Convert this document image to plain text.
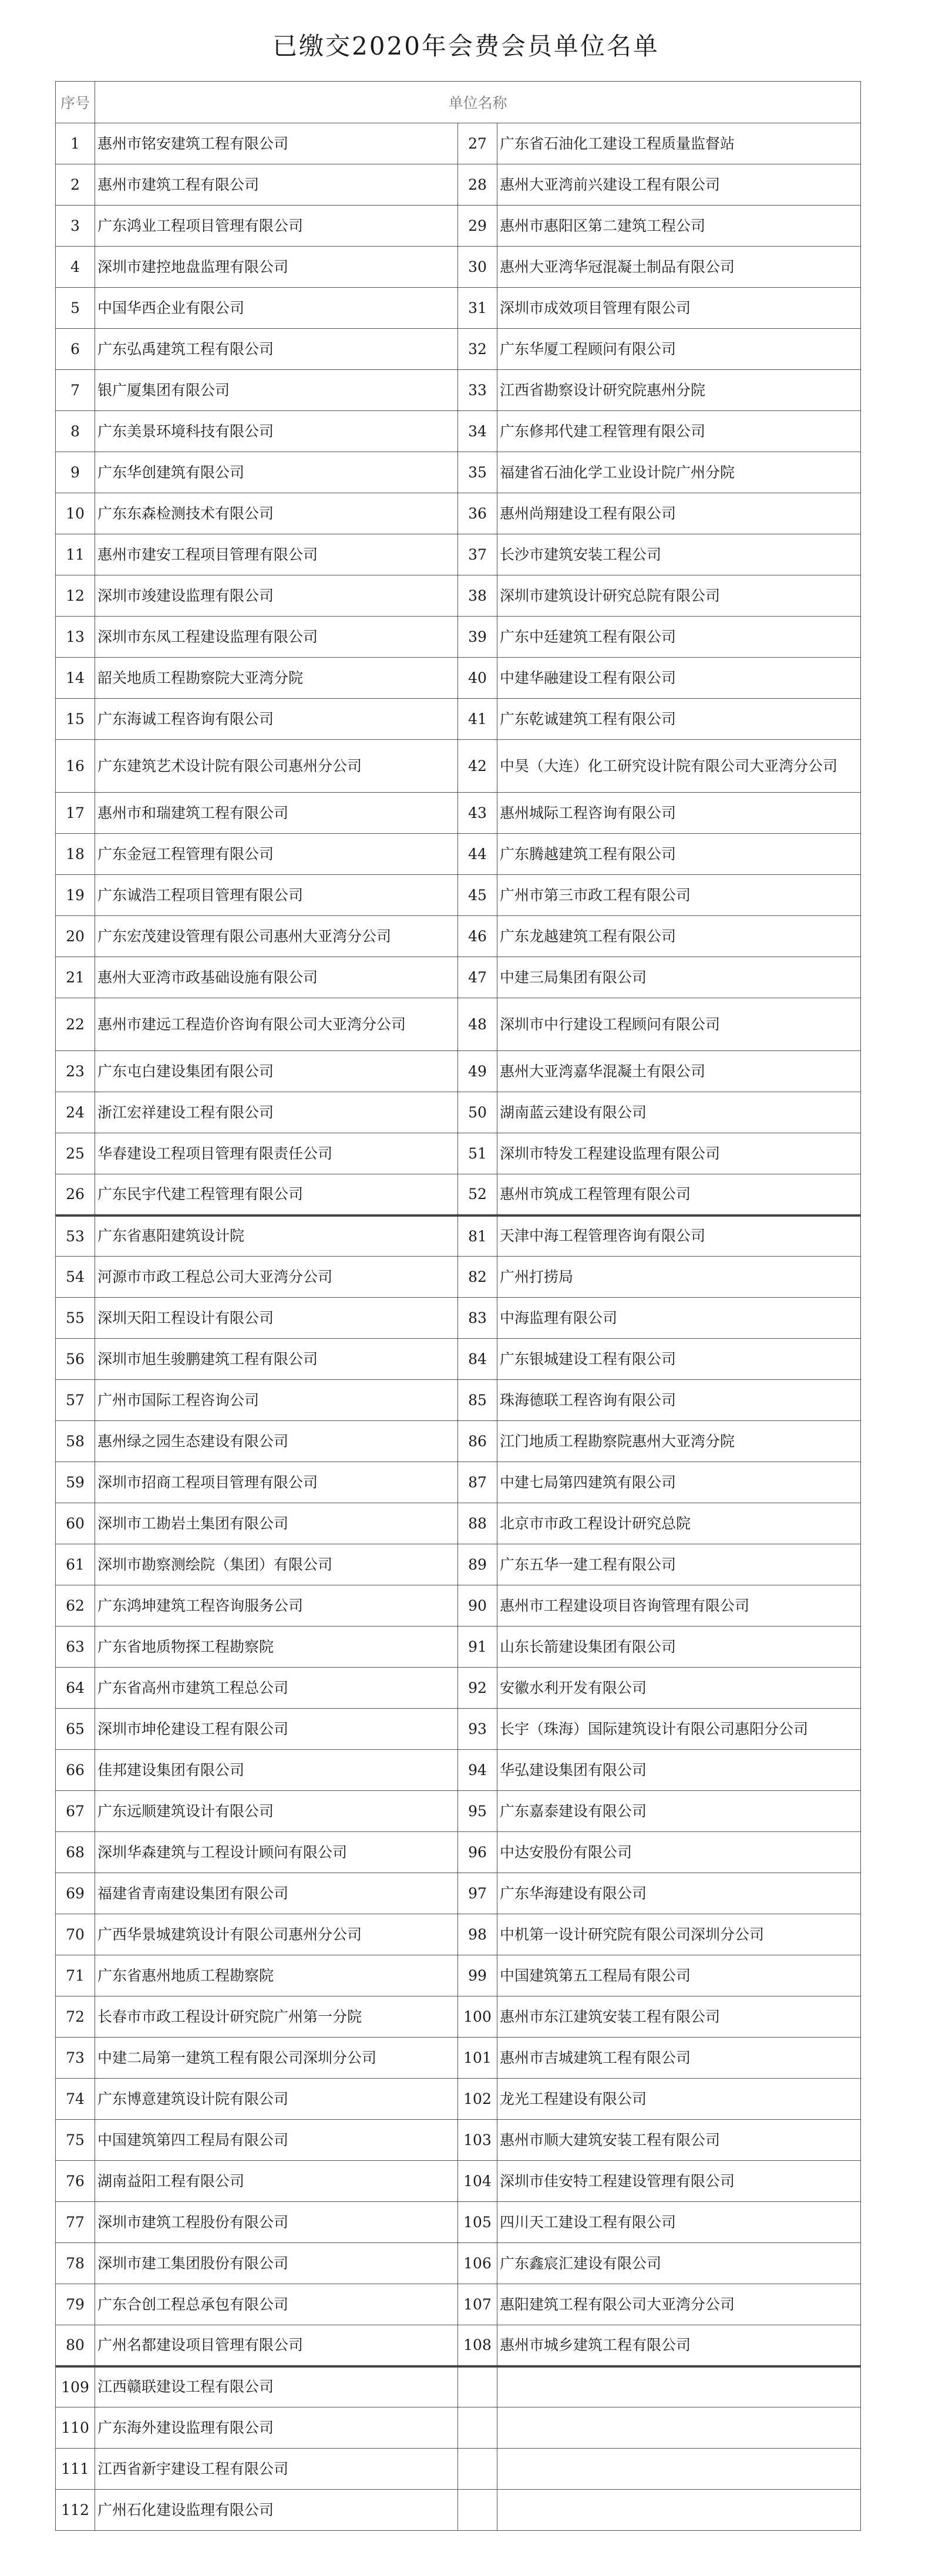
已缴交2020年会费会员单位名单
序号	单位名称		
1	惠州市铭安建筑工程有限公司	27	广东省石油化工建设工程质量监督站
2	惠州市建筑工程有限公司	28	惠州大亚湾前兴建设工程有限公司
3	广东鸿业工程项目管理有限公司	29	惠州市惠阳区第二建筑工程公司
4	深圳市建控地盘监理有限公司	30	惠州大亚湾华冠混凝土制品有限公司
5	中国华西企业有限公司	31	深圳市成效项目管理有限公司
6	广东弘禹建筑工程有限公司	32	广东华厦工程顾问有限公司
7	银广厦集团有限公司	33	江西省勘察设计研究院惠州分院
8	广东美景环境科技有限公司	34	广东修邦代建工程管理有限公司
9	广东华创建筑有限公司	35	福建省石油化学工业设计院广州分院
10	广东东森检测技术有限公司	36	惠州尚翔建设工程有限公司
11	惠州市建安工程项目管理有限公司	37	长沙市建筑安装工程公司
12	深圳市竣建设监理有限公司	38	深圳市建筑设计研究总院有限公司
13	深圳市东凤工程建设监理有限公司	39	广东中廷建筑工程有限公司
14	韶关地质工程勘察院大亚湾分院	40	中建华融建设工程有限公司
15	广东海诚工程咨询有限公司	41	广东乾诚建筑工程有限公司
16	广东建筑艺术设计院有限公司惠州分公司	42	中昊（大连）化工研究设计院有限公司大亚湾分公司
17	惠州市和瑞建筑工程有限公司	43	惠州城际工程咨询有限公司
18	广东金冠工程管理有限公司	44	广东腾越建筑工程有限公司
19	广东诚浩工程项目管理有限公司	45	广州市第三市政工程有限公司
20	广东宏茂建设管理有限公司惠州大亚湾分公司	46	广东龙越建筑工程有限公司
21	惠州大亚湾市政基础设施有限公司	47	中建三局集团有限公司
22	惠州市建远工程造价咨询有限公司大亚湾分公司	48	深圳市中行建设工程顾问有限公司
23	广东屯白建设集团有限公司	49	惠州大亚湾嘉华混凝土有限公司
24	浙江宏祥建设工程有限公司	50	湖南蓝云建设有限公司
25	华春建设工程项目管理有限责任公司	51	深圳市特发工程建设监理有限公司
26	广东民宇代建工程管理有限公司	52	惠州市筑成工程管理有限公司
53	广东省惠阳建筑设计院	81	天津中海工程管理咨询有限公司
54	河源市市政工程总公司大亚湾分公司	82	广州打捞局
55	深圳天阳工程设计有限公司	83	中海监理有限公司
56	深圳市旭生骏鹏建筑工程有限公司	84	广东银城建设工程有限公司
57	广州市国际工程咨询公司	85	珠海德联工程咨询有限公司
58	惠州绿之园生态建设有限公司	86	江门地质工程勘察院惠州大亚湾分院
59	深圳市招商工程项目管理有限公司	87	中建七局第四建筑有限公司
60	深圳市工勘岩土集团有限公司	88	北京市市政工程设计研究总院
61	深圳市勘察测绘院（集团）有限公司	89	广东五华一建工程有限公司
62	广东鸿坤建筑工程咨询服务公司	90	惠州市工程建设项目咨询管理有限公司
63	广东省地质物探工程勘察院	91	山东长箭建设集团有限公司
64	广东省高州市建筑工程总公司	92	安徽水利开发有限公司
65	深圳市坤伦建设工程有限公司	93	长宇（珠海）国际建筑设计有限公司惠阳分公司
66	佳邦建设集团有限公司	94	华弘建设集团有限公司
67	广东远顺建筑设计有限公司	95	广东嘉泰建设有限公司
68	深圳华森建筑与工程设计顾问有限公司	96	中达安股份有限公司
69	福建省青南建设集团有限公司	97	广东华海建设有限公司
70	广西华景城建筑设计有限公司惠州分公司	98	中机第一设计研究院有限公司深圳分公司
71	广东省惠州地质工程勘察院	99	中国建筑第五工程局有限公司
72	长春市市政工程设计研究院广州第一分院	100	惠州市东江建筑安装工程有限公司
73	中建二局第一建筑工程有限公司深圳分公司	101	惠州市吉城建筑工程有限公司
74	广东博意建筑设计院有限公司	102	龙光工程建设有限公司
75	中国建筑第四工程局有限公司	103	惠州市顺大建筑安装工程有限公司
76	湖南益阳工程有限公司	104	深圳市佳安特工程建设管理有限公司
77	深圳市建筑工程股份有限公司	105	四川天工建设工程有限公司
78	深圳市建工集团股份有限公司	106	广东鑫宸汇建设有限公司
79	广东合创工程总承包有限公司	107	惠阳建筑工程有限公司大亚湾分公司
80	广州名都建设项目管理有限公司	108	惠州市城乡建筑工程有限公司
109	江西赣联建设工程有限公司		
110	广东海外建设监理有限公司		
111	江西省新宇建设工程有限公司		
112	广州石化建设监理有限公司		
